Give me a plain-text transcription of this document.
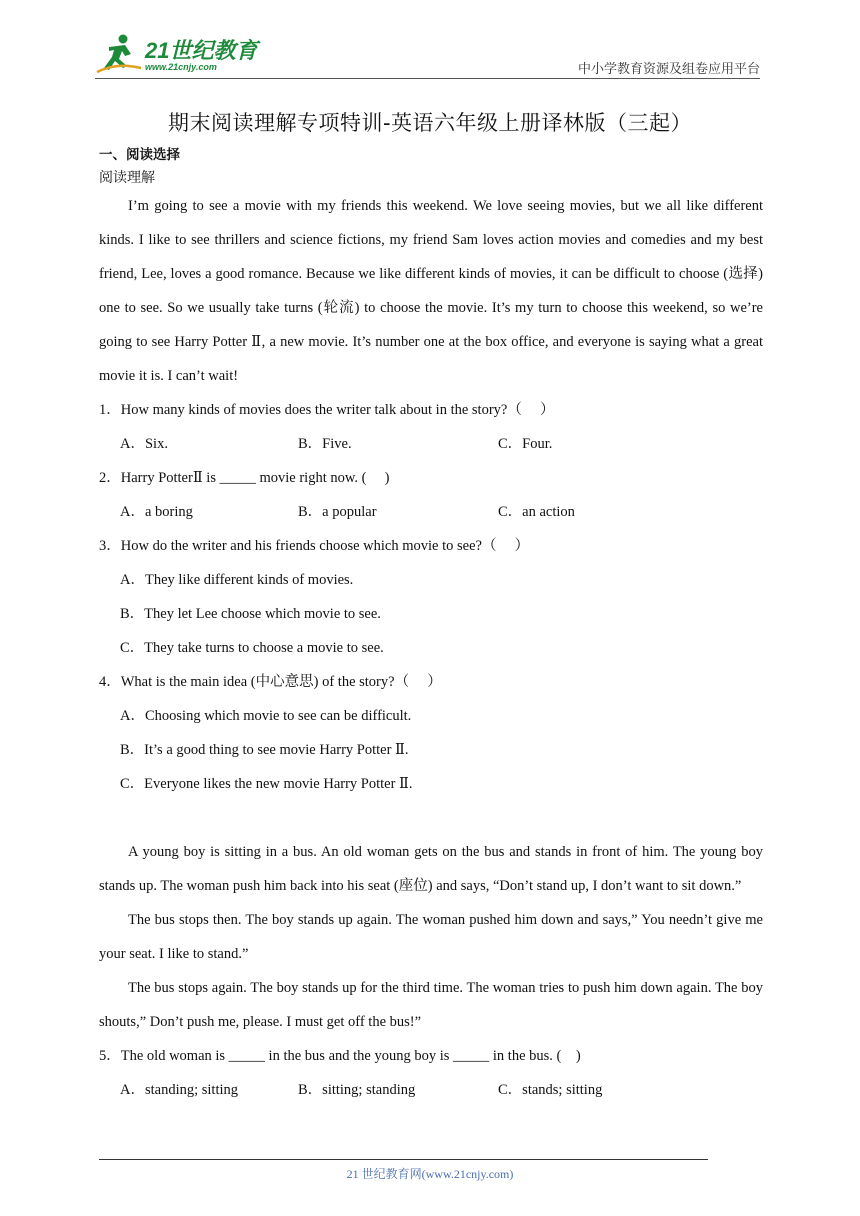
21世纪教育
www.21cnjy.com	中小学教育资源及组卷应用平台
期末阅读理解专项特训-英语六年级上册译林版（三起）
一、阅读选择
阅读理解

I’m going to see a movie with my friends this weekend. We love seeing movies, but we all like different kinds. I like to see thrillers and science fictions, my friend Sam loves action movies and comedies and my best friend, Lee, loves a good romance. Because we like different kinds of movies, it can be difficult to choose (选择) one to see. So we usually take turns (轮流) to choose the movie. It’s my turn to choose this weekend, so we’re going to see Harry Potter Ⅱ, a new movie. It’s number one at the box office, and everyone is saying what a great movie it is. I can’t wait!

1．How many kinds of movies does the writer talk about in the story?（　 ）

A．Six.	B．Five.	C．Four.

2．Harry PotterⅡ is _____ movie right now. (　 )

A．a boring	B．a popular	C．an action

3．How do the writer and his friends choose which movie to see?（　 ）

A．They like different kinds of movies.

B．They let Lee choose which movie to see.

C．They take turns to choose a movie to see.

4．What is the main idea (中心意思) of the story?（　 ）

A．Choosing which movie to see can be difficult.

B．It’s a good thing to see movie Harry Potter Ⅱ.

C．Everyone likes the new movie Harry Potter Ⅱ.

A young boy is sitting in a bus. An old woman gets on the bus and stands in front of him. The young boy stands up. The woman push him back into his seat (座位) and says, “Don’t stand up, I don’t want to sit down.”

The bus stops then. The boy stands up again. The woman pushed him down and says,” You needn’t give me your seat. I like to stand.”

The bus stops again. The boy stands up for the third time. The woman tries to push him down again. The boy shouts,” Don’t push me, please. I must get off the bus!”

5．The old woman is _____ in the bus and the young boy is _____ in the bus. (　)

A．standing; sitting	B．sitting; standing	C．stands; sitting
21 世纪教育网(www.21cnjy.com)
